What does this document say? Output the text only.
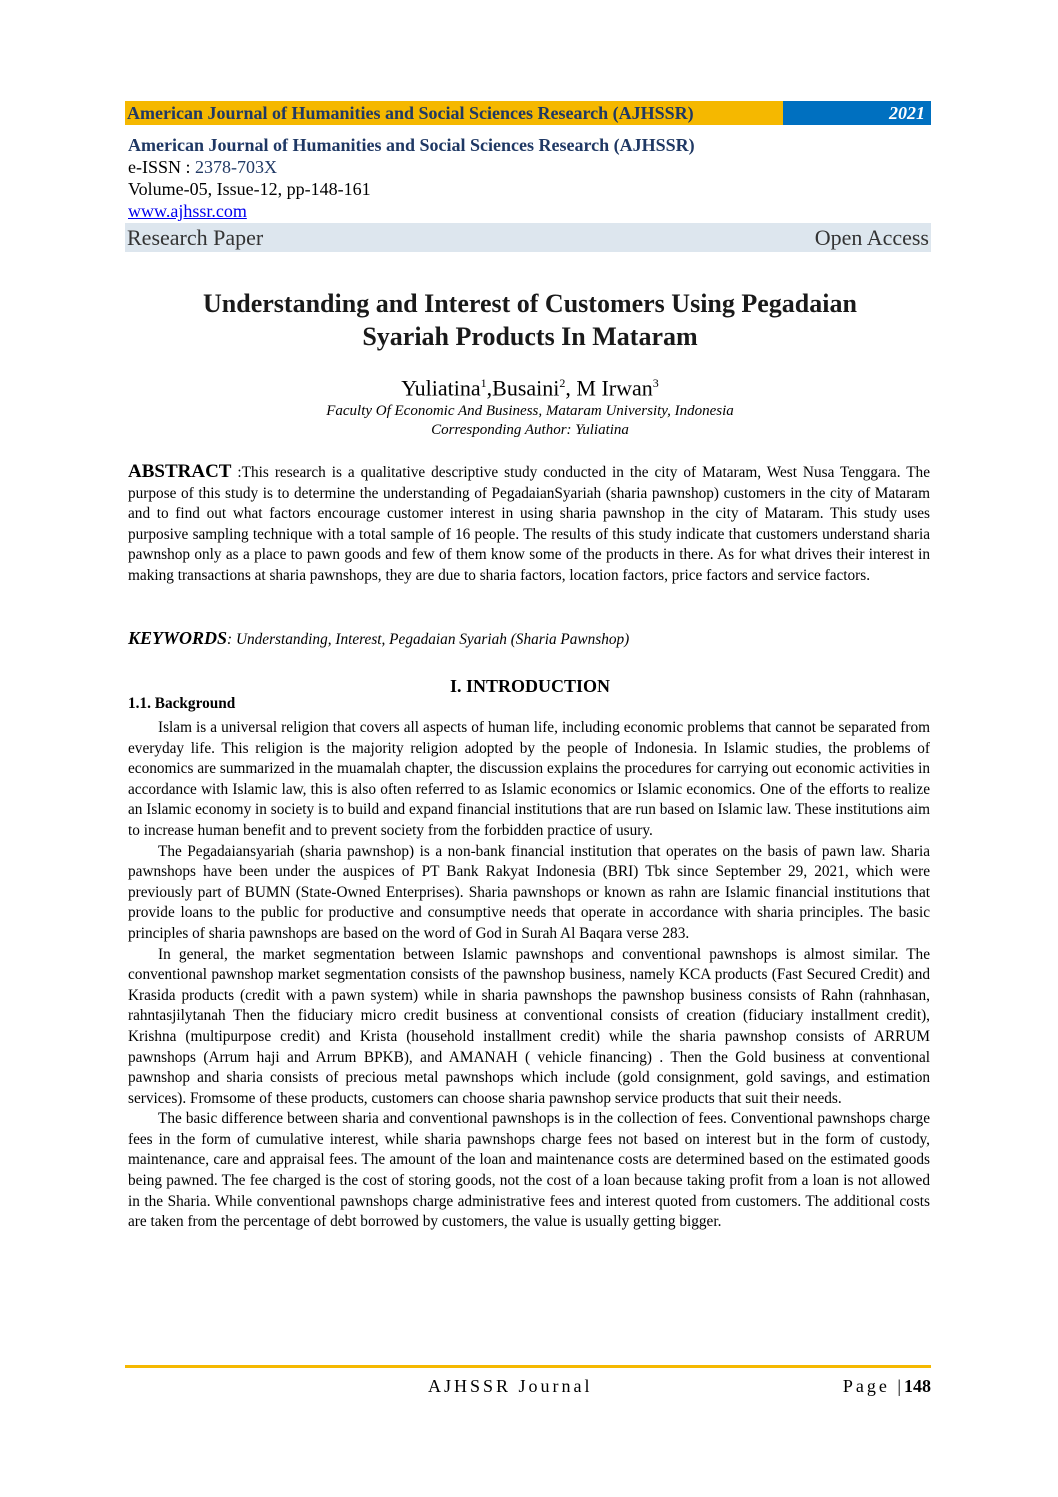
American Journal of Humanities and Social Sciences Research (AJHSSR)	2021
American Journal of Humanities and Social Sciences Research (AJHSSR)
e-ISSN : 2378-703X
Volume-05, Issue-12, pp-148-161
www.ajhssr.com
Research Paper	Open Access
Understanding and Interest of Customers Using Pegadaian
Syariah Products In Mataram
Yuliatina$^1$,Busaini$^2$, M Irwan$^3$
Faculty Of Economic And Business, Mataram University, Indonesia
Corresponding Author: Yuliatina
ABSTRACT :This research is a qualitative descriptive study conducted in the city of Mataram, West Nusa Tenggara. The purpose of this study is to determine the understanding of PegadaianSyariah (sharia pawnshop) customers in the city of Mataram and to find out what factors encourage customer interest in using sharia pawnshop in the city of Mataram. This study uses purposive sampling technique with a total sample of 16 people. The results of this study indicate that customers understand sharia pawnshop only as a place to pawn goods and few of them know some of the products in there. As for what drives their interest in making transactions at sharia pawnshops, they are due to sharia factors, location factors, price factors and service factors.
KEYWORDS: Understanding, Interest, Pegadaian Syariah (Sharia Pawnshop)
I. INTRODUCTION
1.1. Background

Islam is a universal religion that covers all aspects of human life, including economic problems that cannot be separated from everyday life. This religion is the majority religion adopted by the people of Indonesia. In Islamic studies, the problems of economics are summarized in the muamalah chapter, the discussion explains the procedures for carrying out economic activities in accordance with Islamic law, this is also often referred to as Islamic economics or Islamic economics. One of the efforts to realize an Islamic economy in society is to build and expand financial institutions that are run based on Islamic law. These institutions aim to increase human benefit and to prevent society from the forbidden practice of usury.

The Pegadaiansyariah (sharia pawnshop) is a non-bank financial institution that operates on the basis of pawn law. Sharia pawnshops have been under the auspices of PT Bank Rakyat Indonesia (BRI) Tbk since September 29, 2021, which were previously part of BUMN (State-Owned Enterprises). Sharia pawnshops or known as rahn are Islamic financial institutions that provide loans to the public for productive and consumptive needs that operate in accordance with sharia principles. The basic principles of sharia pawnshops are based on the word of God in Surah Al Baqara verse 283.

In general, the market segmentation between Islamic pawnshops and conventional pawnshops is almost similar. The conventional pawnshop market segmentation consists of the pawnshop business, namely KCA products (Fast Secured Credit) and Krasida products (credit with a pawn system) while in sharia pawnshops the pawnshop business consists of Rahn (rahnhasan, rahntasjilytanah Then the fiduciary micro credit business at conventional consists of creation (fiduciary installment credit), Krishna (multipurpose credit) and Krista (household installment credit) while the sharia pawnshop consists of ARRUM pawnshops (Arrum haji and Arrum BPKB), and AMANAH ( vehicle financing) . Then the Gold business at conventional pawnshop and sharia consists of precious metal pawnshops which include (gold consignment, gold savings, and estimation services). Fromsome of these products, customers can choose sharia pawnshop service products that suit their needs.

The basic difference between sharia and conventional pawnshops is in the collection of fees. Conventional pawnshops charge fees in the form of cumulative interest, while sharia pawnshops charge fees not based on interest but in the form of custody, maintenance, care and appraisal fees. The amount of the loan and maintenance costs are determined based on the estimated goods being pawned. The fee charged is the cost of storing goods, not the cost of a loan because taking profit from a loan is not allowed in the Sharia. While conventional pawnshops charge administrative fees and interest quoted from customers. The additional costs are taken from the percentage of debt borrowed by customers, the value is usually getting bigger.

AJHSSR Journal	Page |148
